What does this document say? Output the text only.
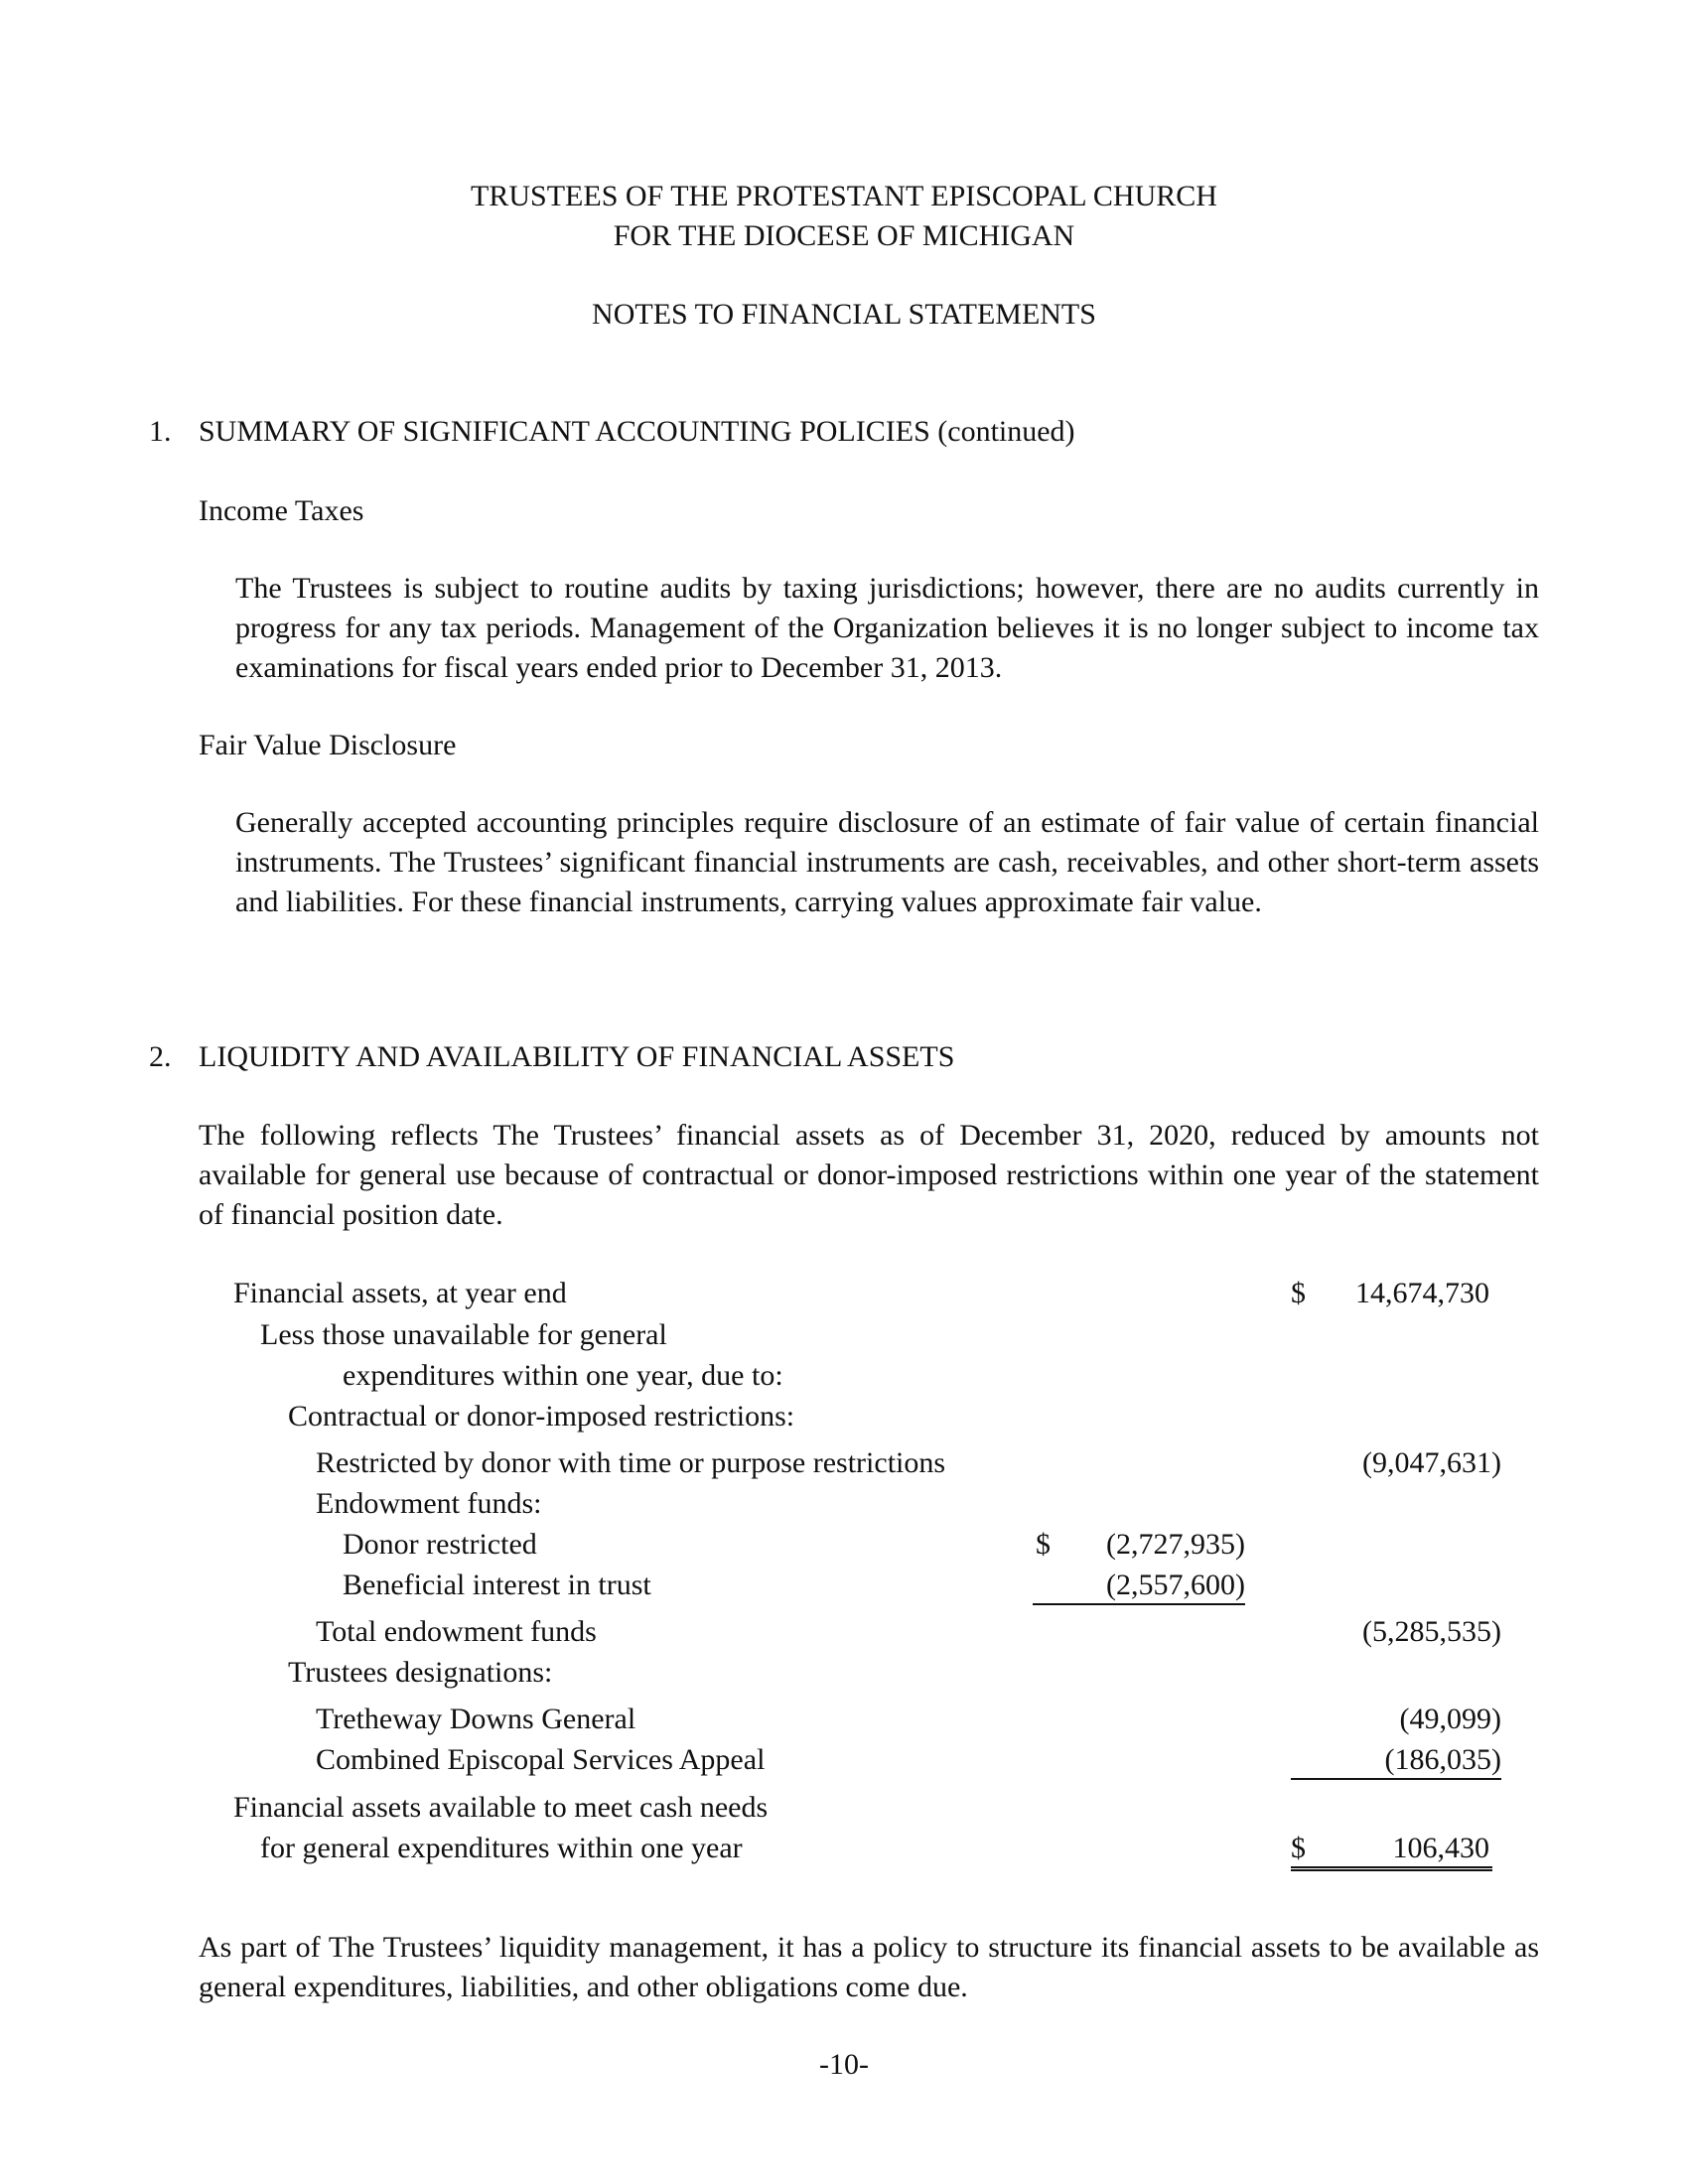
TRUSTEES OF THE PROTESTANT EPISCOPAL CHURCH
FOR THE DIOCESE OF MICHIGAN
NOTES TO FINANCIAL STATEMENTS
1. SUMMARY OF SIGNIFICANT ACCOUNTING POLICIES (continued)
Income Taxes
The Trustees is subject to routine audits by taxing jurisdictions; however, there are no audits currently in progress for any tax periods. Management of the Organization believes it is no longer subject to income tax examinations for fiscal years ended prior to December 31, 2013.
Fair Value Disclosure
Generally accepted accounting principles require disclosure of an estimate of fair value of certain financial instruments. The Trustees’ significant financial instruments are cash, receivables, and other short-term assets and liabilities. For these financial instruments, carrying values approximate fair value.
2. LIQUIDITY AND AVAILABILITY OF FINANCIAL ASSETS
The following reflects The Trustees’ financial assets as of December 31, 2020, reduced by amounts not available for general use because of contractual or donor-imposed restrictions within one year of the statement of financial position date.
Financial assets, at year end	$	14,674,730
Less those unavailable for general
expenditures within one year, due to:
Contractual or donor-imposed restrictions:
Restricted by donor with time or purpose restrictions	(9,047,631)
Endowment funds:
Donor restricted	$	(2,727,935)
Beneficial interest in trust	(2,557,600)
Total endowment funds	(5,285,535)
Trustees designations:
Tretheway Downs General	(49,099)
Combined Episcopal Services Appeal	(186,035)
Financial assets available to meet cash needs
for general expenditures within one year	$	106,430
As part of The Trustees’ liquidity management, it has a policy to structure its financial assets to be available as general expenditures, liabilities, and other obligations come due.
-10-
